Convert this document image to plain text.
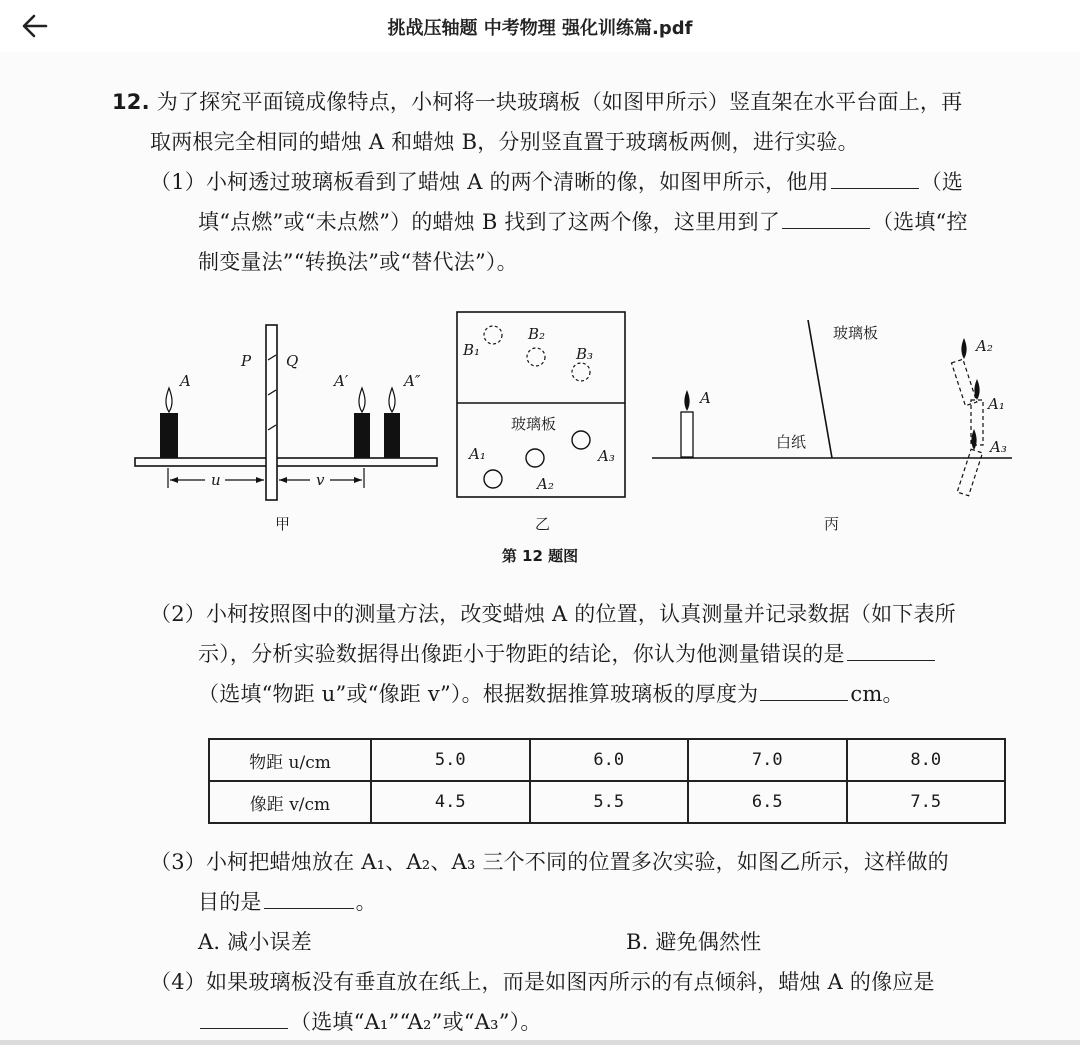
挑战压轴题 中考物理 强化训练篇.pdf
12. 为了探究平面镜成像特点，小柯将一块玻璃板（如图甲所示）竖直架在水平台面上，再
取两根完全相同的蜡烛 A 和蜡烛 B，分别竖直置于玻璃板两侧，进行实验。
（1）小柯透过玻璃板看到了蜡烛 A 的两个清晰的像，如图甲所示，他用	（选
填“点燃”或“未点燃”）的蜡烛 B 找到了这两个像，这里用到了	（选填“控
制变量法”“转换法”或“替代法”）。
A
P Q
A′	A″
u	v
甲
B₁
B₂
B₃
玻璃板
A₁
A₂
A₃
乙
玻璃板
白纸
A
A₂
A₁
A₃
丙
第 12 题图
（2）小柯按照图中的测量方法，改变蜡烛 A 的位置，认真测量并记录数据（如下表所
示），分析实验数据得出像距小于物距的结论，你认为他测量错误的是
（选填“物距 u”或“像距 v”）。根据数据推算玻璃板的厚度为	cm。
物距 u/cm	5.0	6.0	7.0	8.0
像距 v/cm	4.5	5.5	6.5	7.5
（3）小柯把蜡烛放在 A₁、A₂、A₃ 三个不同的位置多次实验，如图乙所示，这样做的
目的是	。
A. 减小误差	B. 避免偶然性
（4）如果玻璃板没有垂直放在纸上，而是如图丙所示的有点倾斜，蜡烛 A 的像应是
（选填“A₁”“A₂”或“A₃”）。
